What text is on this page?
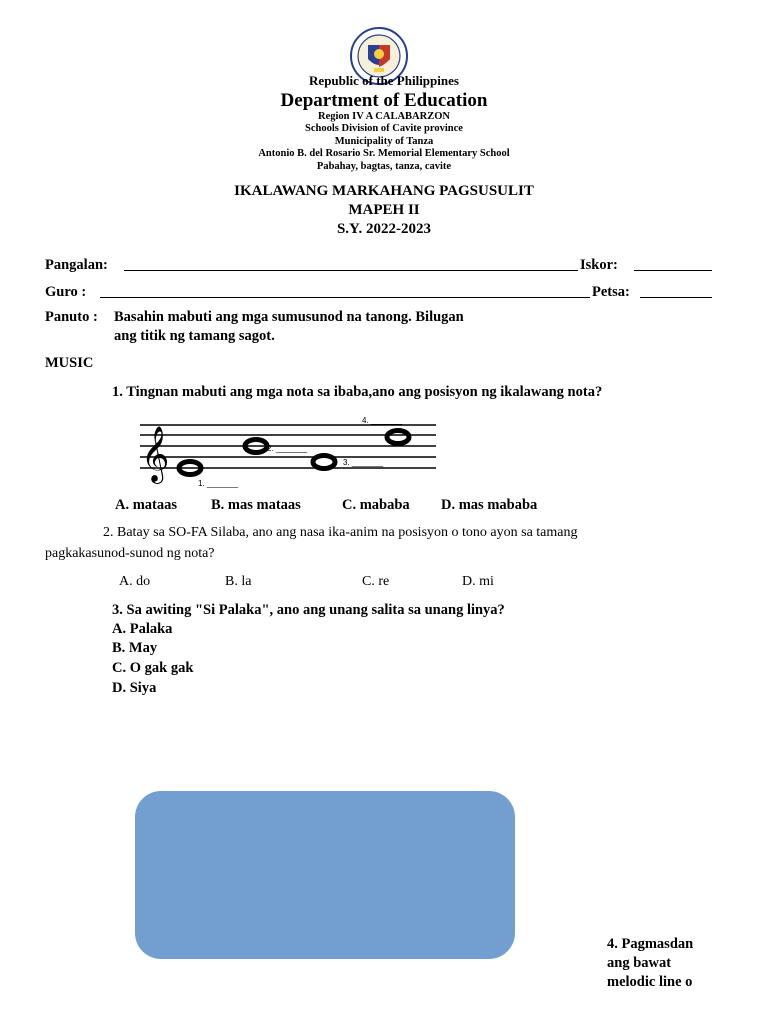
Republic of the Philippines
Department of Education
Region IV A CALABARZON
Schools Division of Cavite province
Municipality of Tanza
Antonio B. del Rosario Sr. Memorial Elementary School
Pabahay, bagtas, tanza, cavite
IKALAWANG MARKAHANG PAGSUSULIT
MAPEH II
S.Y. 2022-2023
Pangalan:	Iskor:
Guro :	Petsa:
Panuto : Basahin mabuti ang mga sumusunod na tanong. Bilugan
ang titik ng tamang sagot.
MUSIC
1. Tingnan mabuti ang mga nota sa ibaba,ano ang posisyon ng ikalawang nota?
𝄞
1. _______
2. _______
3. _______
4. _______
A. mataas B. mas mataas	C. mababa D. mas mababa
2. Batay sa SO-FA Silaba, ano ang nasa ika-anim na posisyon o tono ayon sa tamang
pagkakasunod-sunod ng nota?
A. do	B. la	C. re	D. mi
3. Sa awiting "Si Palaka", ano ang unang salita sa unang linya?
A. Palaka
B. May
C. O gak gak
D. Siya
4. Pagmasdan
ang bawat
melodic line o
